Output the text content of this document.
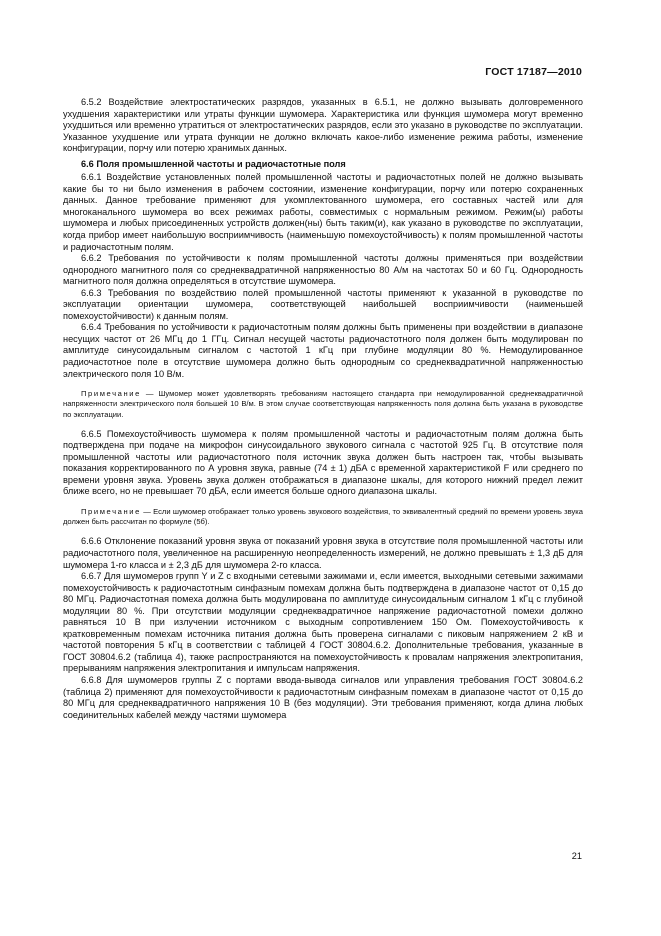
ГОСТ 17187—2010

6.5.2 Воздействие электростатических разрядов, указанных в 6.5.1, не должно вызывать долговременного ухудшения характеристики или утраты функции шумомера. Характеристика или функция шумомера могут временно ухудшиться или временно утратиться от электростатических разрядов, если это указано в руководстве по эксплуатации. Указанное ухудшение или утрата функции не должно включать какое-либо изменение режима работы, изменение конфигурации, порчу или потерю хранимых данных.

6.6 Поля промышленной частоты и радиочастотные поля

6.6.1 Воздействие установленных полей промышленной частоты и радиочастотных полей не должно вызывать какие бы то ни было изменения в рабочем состоянии, изменение конфигурации, порчу или потерю сохраненных данных. Данное требование применяют для укомплектованного шумомера, его составных частей или для многоканального шумомера во всех режимах работы, совместимых с нормальным режимом. Режим(ы) работы шумомера и любых присоединенных устройств должен(ны) быть таким(и), как указано в руководстве по эксплуатации, когда прибор имеет наибольшую восприимчивость (наименьшую помехоустойчивость) к полям промышленной частоты и радиочастотным полям.

6.6.2 Требования по устойчивости к полям промышленной частоты должны применяться при воздействии однородного магнитного поля со среднеквадратичной напряженностью 80 А/м на частотах 50 и 60 Гц. Однородность магнитного поля должна определяться в отсутствие шумомера.

6.6.3 Требования по воздействию полей промышленной частоты применяют к указанной в руководстве по эксплуатации ориентации шумомера, соответствующей наибольшей восприимчивости (наименьшей помехоустойчивости) к данным полям.

6.6.4 Требования по устойчивости к радиочастотным полям должны быть применены при воздействии в диапазоне несущих частот от 26 МГц до 1 ГГц. Сигнал несущей частоты радиочастотного поля должен быть модулирован по амплитуде синусоидальным сигналом с частотой 1 кГц при глубине модуляции 80 %. Немодулированное радиочастотное поле в отсутствие шумомера должно быть однородным со среднеквадратичной напряженностью электрического поля 10 В/м.

Примечание — Шумомер может удовлетворять требованиям настоящего стандарта при немодулированной среднеквадратичной напряженности электрического поля большей 10 В/м. В этом случае соответствующая напряженность поля должна быть указана в руководстве по эксплуатации.

6.6.5 Помехоустойчивость шумомера к полям промышленной частоты и радиочастотным полям должна быть подтверждена при подаче на микрофон синусоидального звукового сигнала с частотой 925 Гц. В отсутствие поля промышленной частоты или радиочастотного поля источник звука должен быть настроен так, чтобы вызывать показания корректированного по А уровня звука, равные (74 ± 1) дБА с временной характеристикой F или среднего по времени уровня звука. Уровень звука должен отображаться в диапазоне шкалы, для которого нижний предел лежит ближе всего, но не превышает 70 дБА, если имеется больше одного диапазона шкалы.

Примечание — Если шумомер отображает только уровень звукового воздействия, то эквивалентный средний по времени уровень звука должен быть рассчитан по формуле (5б).

6.6.6 Отклонение показаний уровня звука от показаний уровня звука в отсутствие поля промышленной частоты или радиочастотного поля, увеличенное на расширенную неопределенность измерений, не должно превышать ± 1,3 дБ для шумомера 1-го класса и ± 2,3 дБ для шумомера 2-го класса.

6.6.7 Для шумомеров групп Y и Z с входными сетевыми зажимами и, если имеется, выходными сетевыми зажимами помехоустойчивость к радиочастотным синфазным помехам должна быть подтверждена в диапазоне частот от 0,15 до 80 МГц. Радиочастотная помеха должна быть модулирована по амплитуде синусоидальным сигналом 1 кГц с глубиной модуляции 80 %. При отсутствии модуляции среднеквадратичное напряжение радиочастотной помехи должно равняться 10 В при излучении источником с выходным сопротивлением 150 Ом. Помехоустойчивость к кратковременным помехам источника питания должна быть проверена сигналами с пиковым напряжением 2 кВ и частотой повторения 5 кГц в соответствии с таблицей 4 ГОСТ 30804.6.2. Дополнительные требования, указанные в ГОСТ 30804.6.2 (таблица 4), также распространяются на помехоустойчивость к провалам напряжения электропитания, прерываниям напряжения электропитания и импульсам напряжения.

6.6.8 Для шумомеров группы Z с портами ввода-вывода сигналов или управления требования ГОСТ 30804.6.2 (таблица 2) применяют для помехоустойчивости к радиочастотным синфазным помехам в диапазоне частот от 0,15 до 80 МГц для среднеквадратичного напряжения 10 В (без модуляции). Эти требования применяют, когда длина любых соединительных кабелей между частями шумомера

21
